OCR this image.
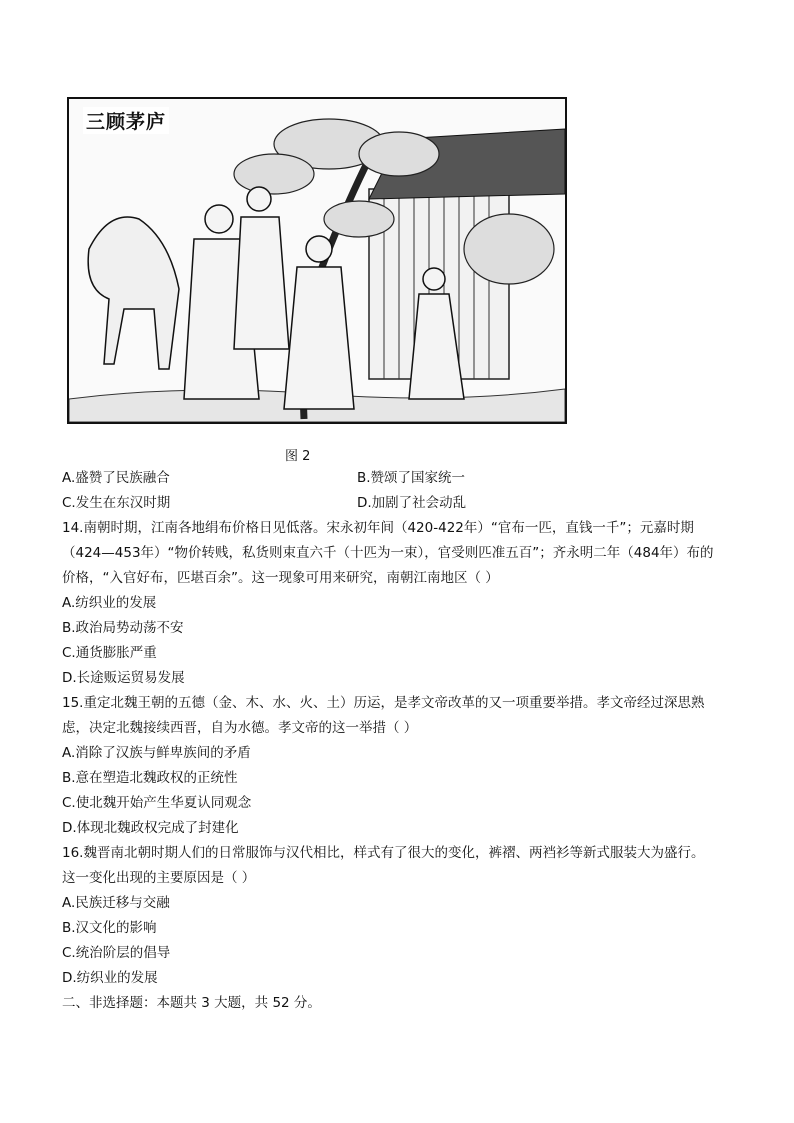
三顾茅庐
图 2
A.盛赞了民族融合	B.赞颂了国家统一
C.发生在东汉时期	D.加剧了社会动乱
14.南朝时期，江南各地绢布价格日见低落。宋永初年间（420-422年）“官布一匹，直钱一千”；元嘉时期
（424—453年）“物价转贱，私货则束直六千（十匹为一束），官受则匹准五百”；齐永明二年（484年）布的
价格，“入官好布，匹堪百余”。这一现象可用来研究，南朝江南地区（ ）
A.纺织业的发展
B.政治局势动荡不安
C.通货膨胀严重
D.长途贩运贸易发展
15.重定北魏王朝的五德（金、木、水、火、土）历运，是孝文帝改革的又一项重要举措。孝文帝经过深思熟
虑，决定北魏接续西晋，自为水德。孝文帝的这一举措（ ）
A.消除了汉族与鲜卑族间的矛盾
B.意在塑造北魏政权的正统性
C.使北魏开始产生华夏认同观念
D.体现北魏政权完成了封建化
16.魏晋南北朝时期人们的日常服饰与汉代相比，样式有了很大的变化，裤褶、两裆衫等新式服装大为盛行。
这一变化出现的主要原因是（ ）
A.民族迁移与交融
B.汉文化的影响
C.统治阶层的倡导
D.纺织业的发展
二、非选择题：本题共 3 大题，共 52 分。
